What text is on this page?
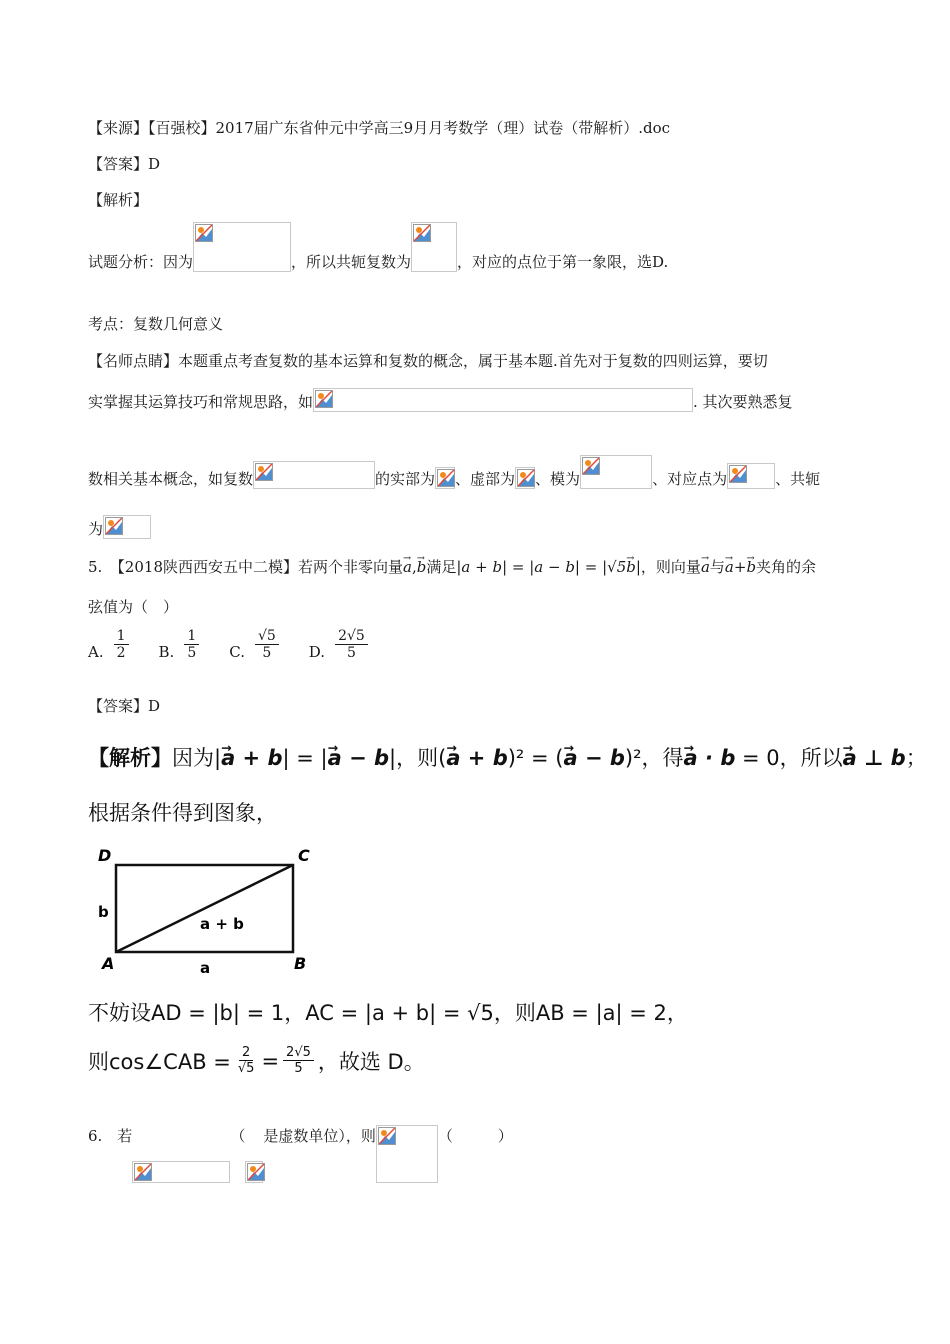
【来源】【百强校】2017届广东省仲元中学高三9月月考数学（理）试卷（带解析）.doc
【答案】D
【解析】
试题分析：因为	，所以共轭复数为	，对应的点位于第一象限，选D.
考点：复数几何意义
【名师点睛】本题重点考查复数的基本运算和复数的概念，属于基本题.首先对于复数的四则运算，要切
实掌握其运算技巧和常规思路，如	. 其次要熟悉复
数相关基本概念，如复数	的实部为 、虚部为 、模为	、对应点为	、共轭
为
5.　【2018陕西西安五中二模】若两个非零向量→ a,→ b满足|a + b| = |a − b| = |√5→ b|，则向量→ a与→ a+→ b夹角的余
弦值为（　）
A. $\frac{1}{2} B$. $\frac{1}{5} C$. $\frac{√5}{5} D$. $\frac{2√5}{5}$
【答案】D
【解析】因为|→ a + b| = |→ a − b|，则(→ a + b)² = (→ a − b)²，得→ a · b = 0，所以→ a ⊥ b；
根据条件得到图象，
D	C
A	B
b
a
a + b
不妨设AD = |b| = 1，AC = |a + b| = √5，则AB = |a| = 2，
则cos∠CAB = $\frac{2}{√5} = \frac{2√5}{5}$ ，故选 D。
6.　若	（ 是虚数单位），则	（　　　）
